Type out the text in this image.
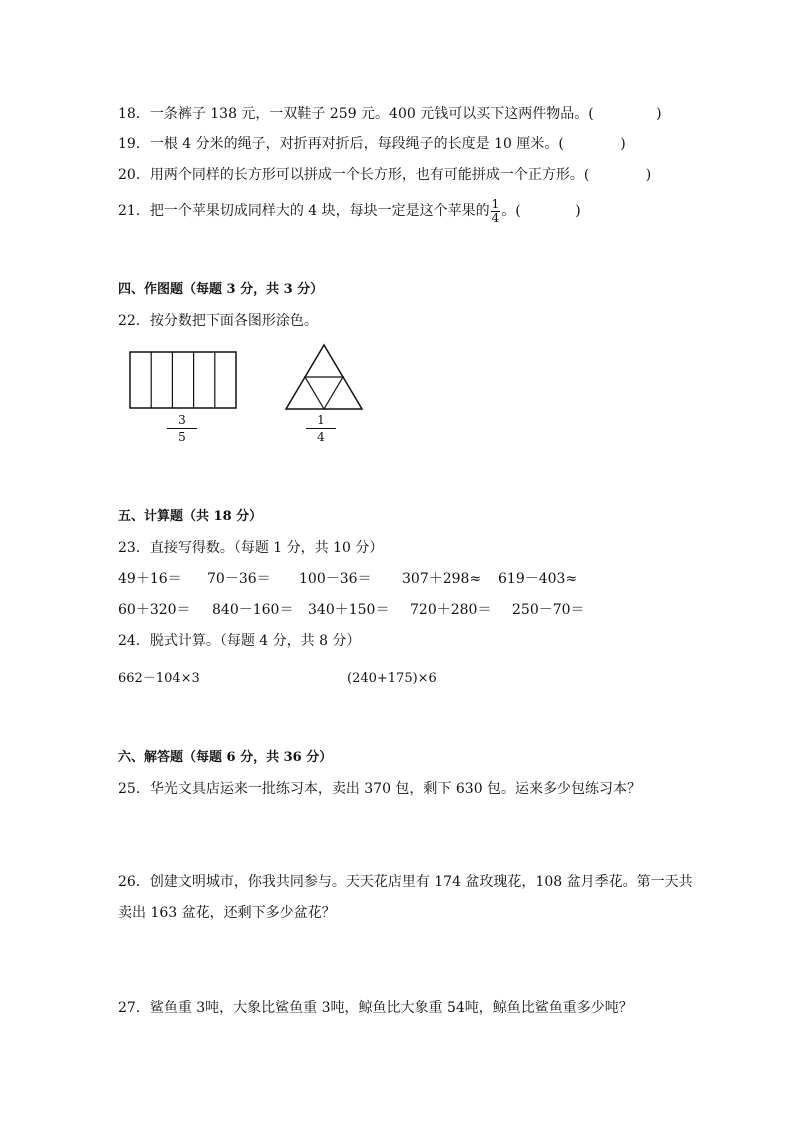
18．一条裤子 138 元，一双鞋子 259 元。400 元钱可以买下这两件物品。(	)
19．一根 4 分米的绳子，对折再对折后，每段绳子的长度是 10 厘米。(	)
20．用两个同样的长方形可以拼成一个长方形，也有可能拼成一个正方形。(	)
21．把一个苹果切成同样大的 4 块，每块一定是这个苹果的 $\frac{1}{4}$ 。(	)
四、作图题（每题 3 分，共 3 分）
22．按分数把下面各图形涂色。
$\frac{3}{5}$	$\frac{1}{4}$
五、计算题（共 18 分）
23．直接写得数。（每题 1 分，共 10 分）
49＋16＝ 70－36＝ 100－36＝ 307＋298≈ 619－403≈
60＋320＝ 840－160＝ 340＋150＝ 720＋280＝ 250－70＝
24．脱式计算。（每题 4 分，共 8 分）
662－104×3	(240+175)×6
六、解答题（每题 6 分，共 36 分）
25．华光文具店运来一批练习本，卖出 370 包，剩下 630 包。运来多少包练习本？
26．创建文明城市，你我共同参与。天天花店里有 174 盆玫瑰花，108 盆月季花。第一天共
卖出 163 盆花，还剩下多少盆花？
27．鲨鱼重 3吨，大象比鲨鱼重 3吨，鲸鱼比大象重 54吨，鲸鱼比鲨鱼重多少吨？
